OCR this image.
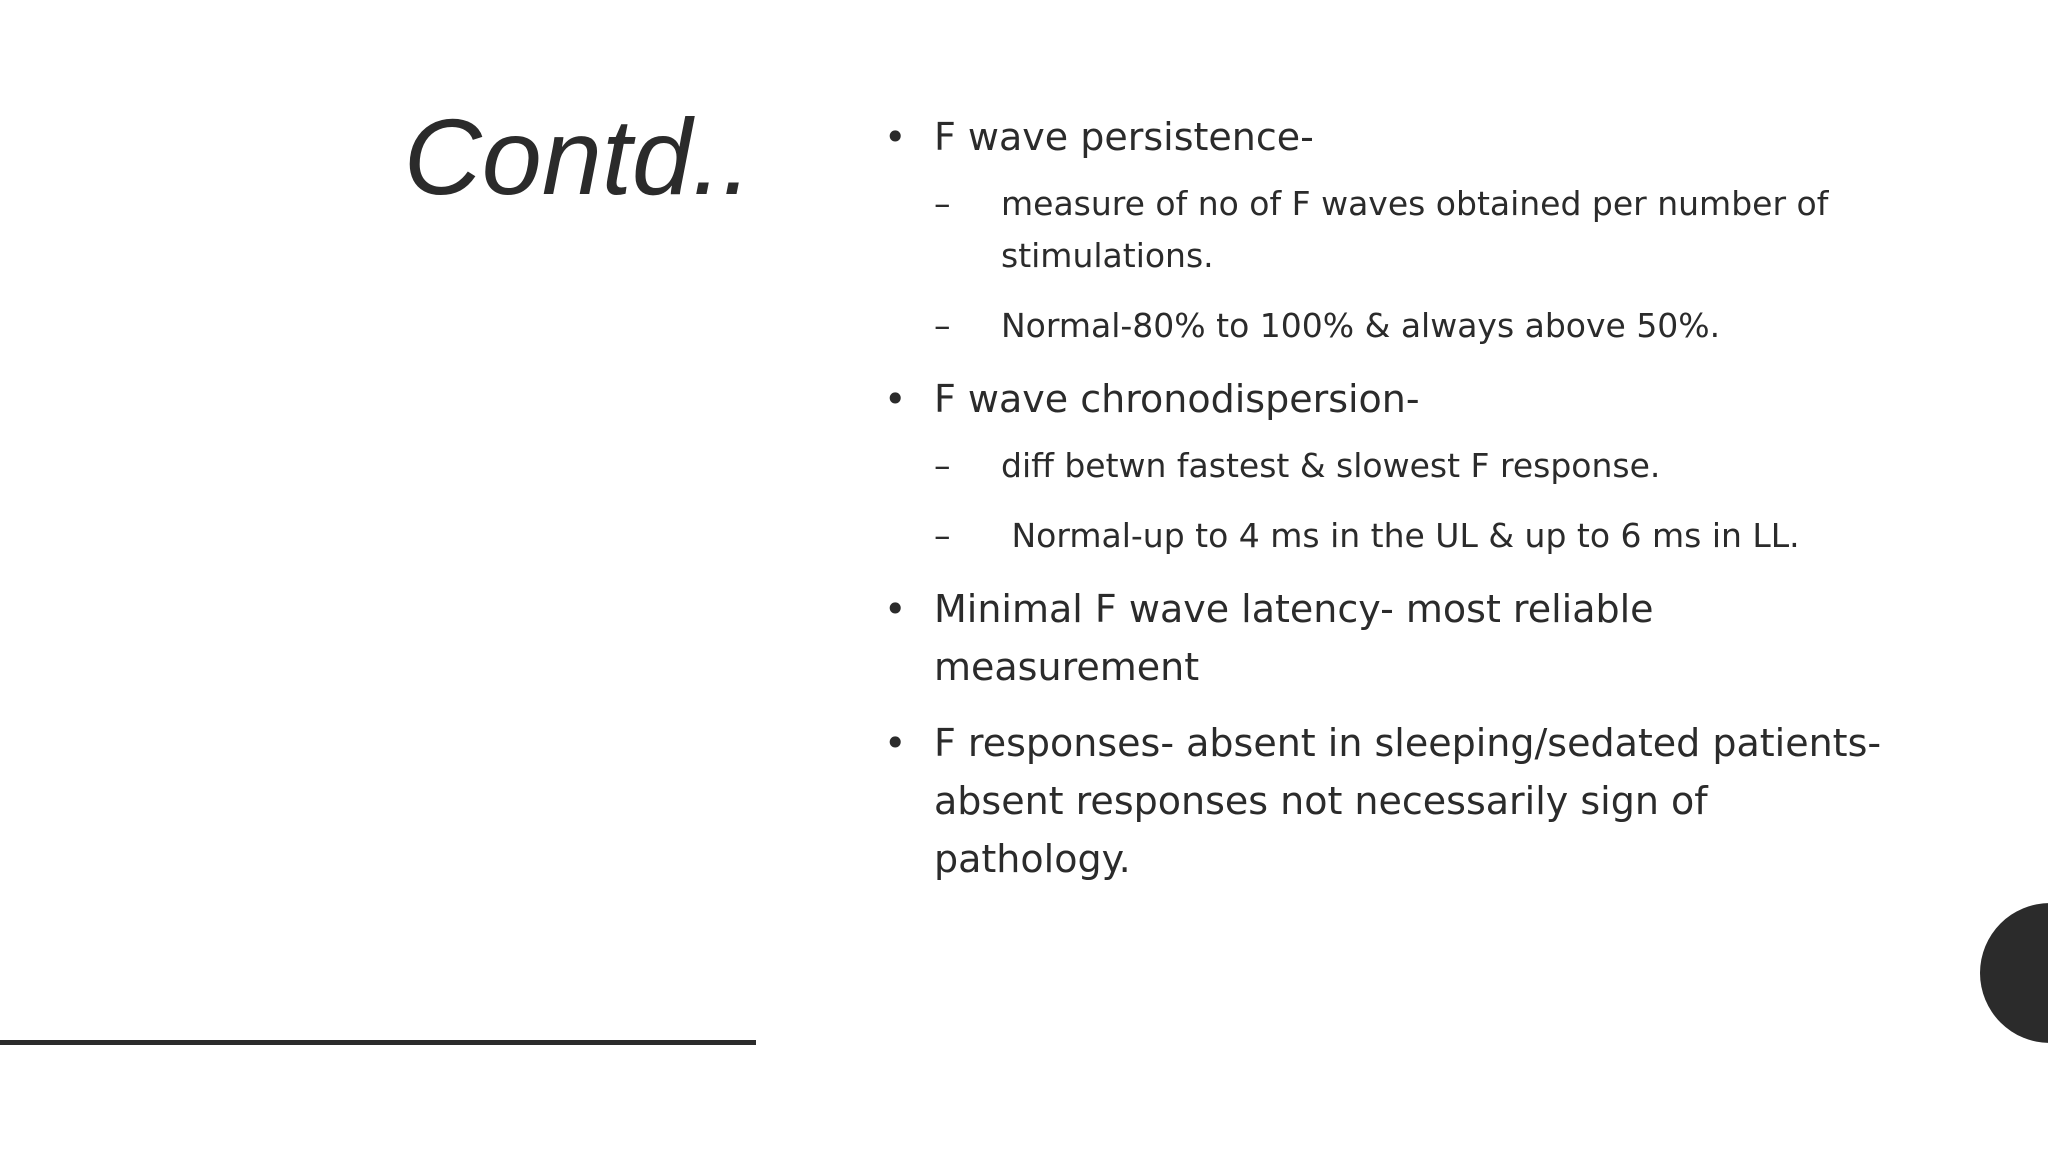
Contd..
•	F wave persistence-
– measure of no of F waves obtained per number of stimulations.
– Normal-80% to 100% & always above 50%.
• F wave chronodispersion-
– diff betwn fastest & slowest F response.
–  Normal-up to 4 ms in the UL & up to 6 ms in LL.
• Minimal F wave latency- most reliable measurement
• F responses- absent in sleeping/sedated patients- absent responses not necessarily sign of pathology.
